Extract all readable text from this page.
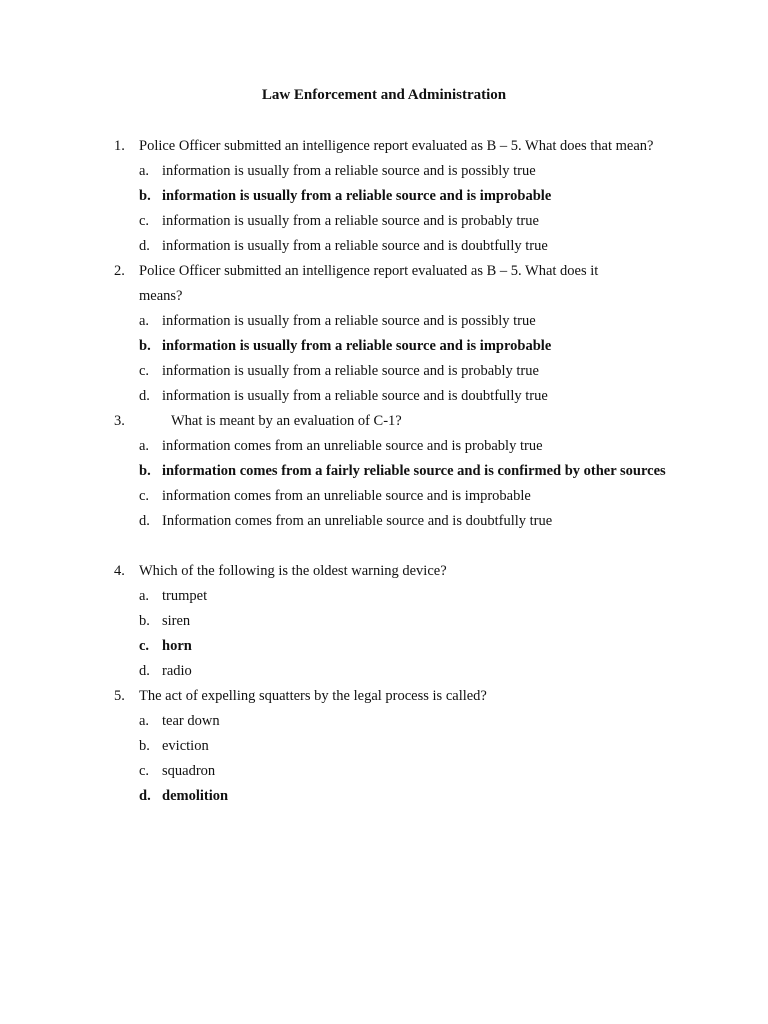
Law Enforcement and Administration
1. Police Officer submitted an intelligence report evaluated as B – 5. What does that mean?
a. information is usually from a reliable source and is possibly true
b. information is usually from a reliable source and is improbable
c. information is usually from a reliable source and is probably true
d. information is usually from a reliable source and is doubtfully true
2. Police Officer submitted an intelligence report evaluated as B – 5. What does it means?
a. information is usually from a reliable source and is possibly true
b. information is usually from a reliable source and is improbable
c. information is usually from a reliable source and is probably true
d. information is usually from a reliable source and is doubtfully true
3.	What is meant by an evaluation of C-1?
a. information comes from an unreliable source and is probably true
b. information comes from a fairly reliable source and is confirmed by other sources
c. information comes from an unreliable source and is improbable
d. Information comes from an unreliable source and is doubtfully true
4. Which of the following is the oldest warning device?
a. trumpet
b. siren
c. horn
d. radio
5. The act of expelling squatters by the legal process is called?
a. tear down
b. eviction
c. squadron
d. demolition
